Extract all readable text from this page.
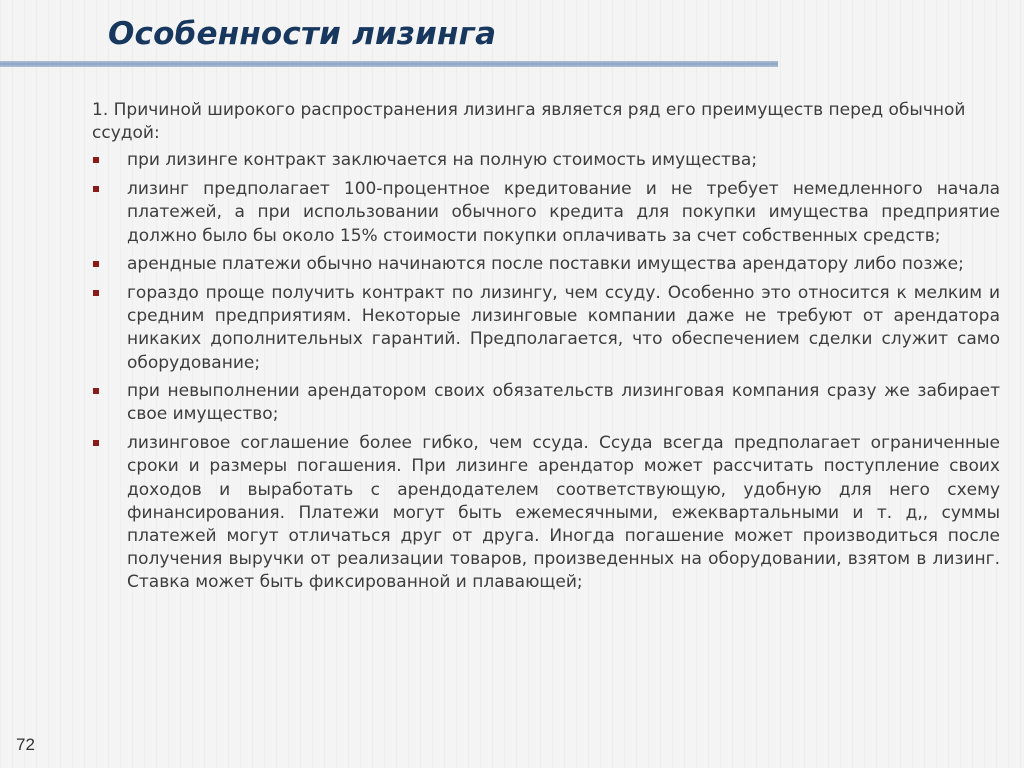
Особенности лизинга

1. Причиной широкого распространения лизинга является ряд его преимуществ перед обычной ссудой:

при лизинге контракт заключается на полную стоимость имущества;
лизинг предполагает 100-процентное кредитование и не требует немедленного начала платежей, а при использовании обычного кредита для покупки имущества предприятие должно было бы около 15% стоимости покупки оплачивать за счет собственных средств;
арендные платежи обычно начинаются после поставки имущества арендатору либо позже;
гораздо проще получить контракт по лизингу, чем ссуду. Особенно это относится к мелким и средним предприятиям. Некоторые лизинговые компании даже не требуют от арендатора никаких дополнительных гарантий. Предполагается, что обеспечением сделки служит само оборудование;
при невыполнении арендатором своих обязательств лизинговая компания сразу же забирает свое имущество;
лизинговое соглашение более гибко, чем ссуда. Ссуда всегда предполагает ограниченные сроки и размеры погашения. При лизинге арендатор может рассчитать поступление своих доходов и выработать с арендодателем соответствующую, удобную для него схему финансирования. Платежи могут быть ежемесячными, ежеквартальными и т. д,, суммы платежей могут отличаться друг от друга. Иногда погашение может производиться после получения выручки от реализации товаров, произведенных на оборудовании, взятом в лизинг. Ставка может быть фиксированной и плавающей;
72
